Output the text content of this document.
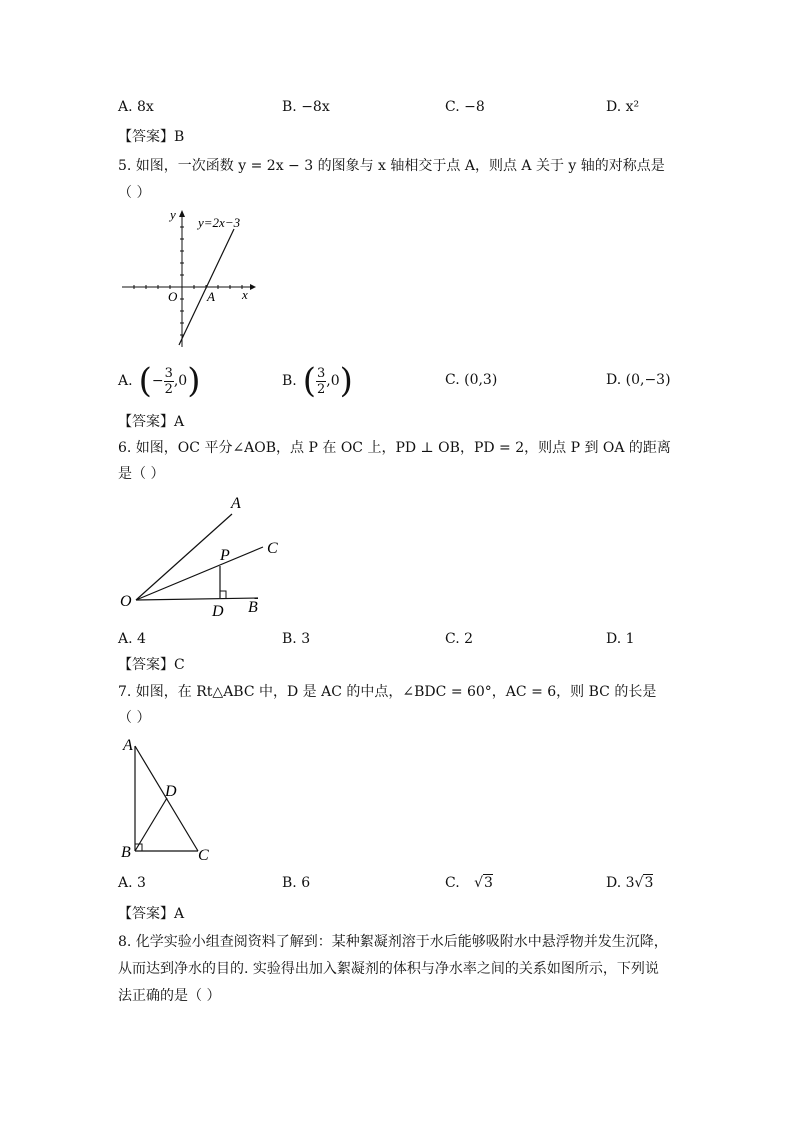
A. 8x	B. −8x	C. −8	D. x²
【答案】B
5. 如图，一次函数 y = 2x − 3 的图象与 x 轴相交于点 A，则点 A 关于 y 轴的对称点是
（ ）
y
x
O A
y=2x−3
A. ( − $\frac{3}{2} ,0$ )	B. ( $\frac{3}{2} ,0$ )	C. (0,3)	D. (0,−3)
【答案】A
6. 如图，OC 平分∠AOB，点 P 在 OC 上，PD ⊥ OB，PD = 2，则点 P 到 OA 的距离
是（ ）
A
C
P
O
D B
A. 4	B. 3	C. 2	D. 1
【答案】C
7. 如图，在 Rt△ABC 中，D 是 AC 的中点，∠BDC = 60°，AC = 6，则 BC 的长是
（ ）
A
D
B	C
A. 3	B. 6	C. √3	D. 3√3
【答案】A
8. 化学实验小组查阅资料了解到：某种絮凝剂溶于水后能够吸附水中悬浮物并发生沉降，
从而达到净水的目的. 实验得出加入絮凝剂的体积与净水率之间的关系如图所示，下列说
法正确的是（ ）
